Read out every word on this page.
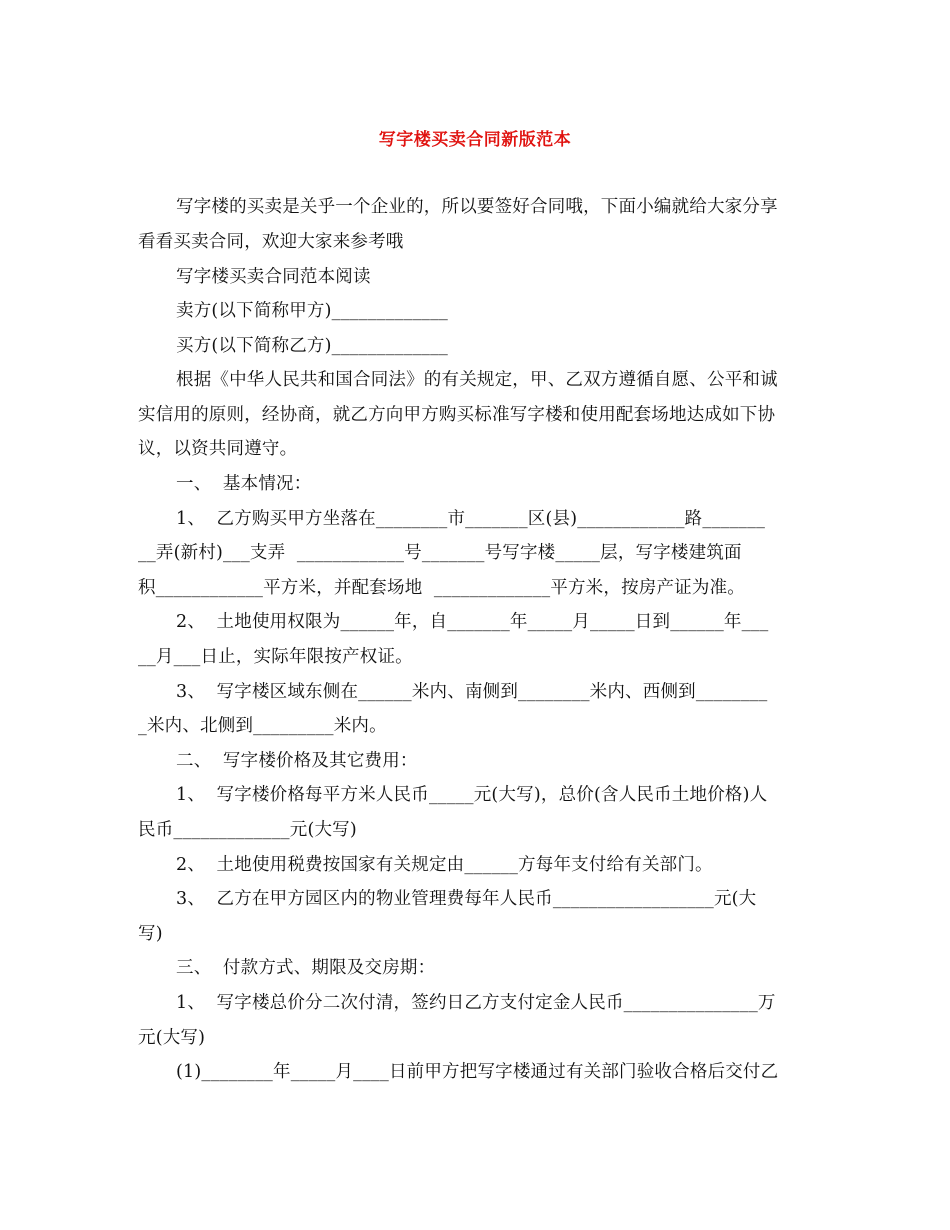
写字楼买卖合同新版范本
写字楼的买卖是关乎一个企业的，所以要签好合同哦，下面小编就给大家分享
看看买卖合同，欢迎大家来参考哦
写字楼买卖合同范本阅读
卖方(以下简称甲方)_____________
买方(以下简称乙方)_____________
根据《中华人民共和国合同法》的有关规定，甲、乙双方遵循自愿、公平和诚
实信用的原则，经协商，就乙方向甲方购买标准写字楼和使用配套场地达成如下协
议，以资共同遵守。
一、  基本情况：
1、  乙方购买甲方坐落在________市_______区(县)____________路_______
__弄(新村)___支弄  ____________号_______号写字楼_____层，写字楼建筑面
积____________平方米，并配套场地  _____________平方米，按房产证为准。
2、  土地使用权限为______年，自_______年_____月_____日到______年___
__月___日止，实际年限按产权证。
3、  写字楼区域东侧在______米内、南侧到________米内、西侧到________
_米内、北侧到_________米内。
二、  写字楼价格及其它费用：
1、  写字楼价格每平方米人民币_____元(大写)，总价(含人民币土地价格)人
民币_____________元(大写)
2、  土地使用税费按国家有关规定由______方每年支付给有关部门。
3、  乙方在甲方园区内的物业管理费每年人民币__________________元(大
写)
三、  付款方式、期限及交房期：
1、  写字楼总价分二次付清，签约日乙方支付定金人民币_______________万
元(大写)
(1)________年_____月____日前甲方把写字楼通过有关部门验收合格后交付乙
